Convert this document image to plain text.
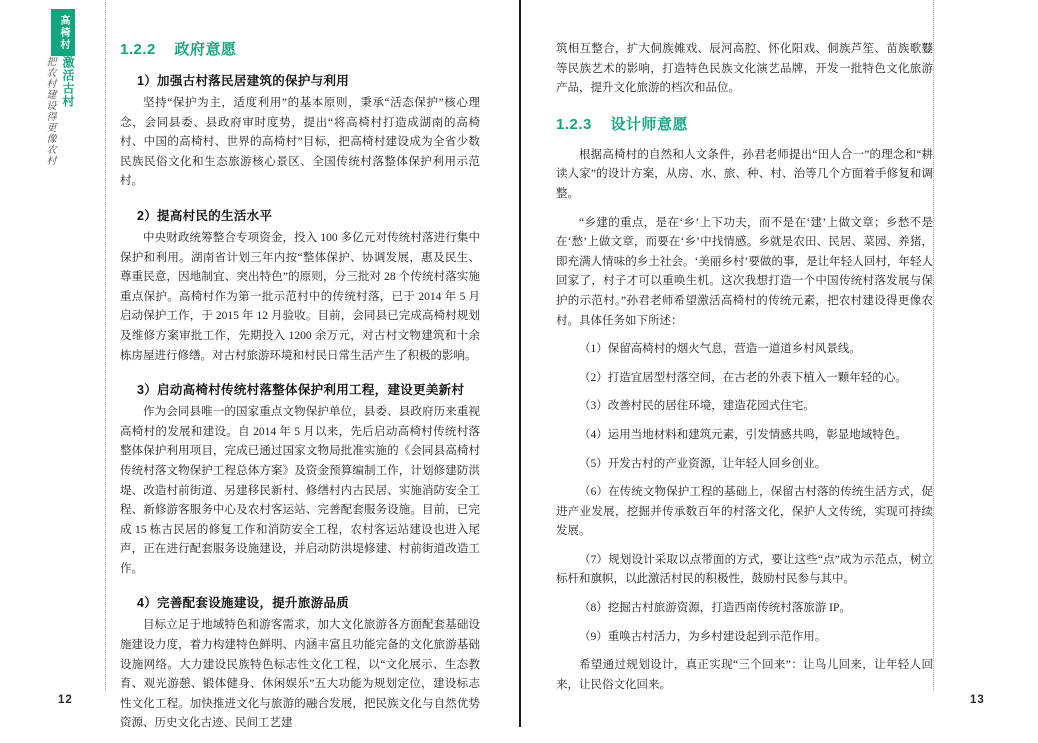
高椅村
激活古村
把农村建设得更像农村
1.2.2 政府意愿
1）加强古村落民居建筑的保护与利用

坚持“保护为主，适度利用”的基本原则，秉承“活态保护”核心理念，会同县委、县政府审时度势，提出“将高椅村打造成湖南的高椅村、中国的高椅村、世界的高椅村”目标，把高椅村建设成为全省少数民族民俗文化和生态旅游核心景区、全国传统村落整体保护利用示范村。

2）提高村民的生活水平

中央财政统筹整合专项资金，投入 100 多亿元对传统村落进行集中保护和利用。湖南省计划三年内按“整体保护、协调发展，惠及民生、尊重民意，因地制宜、突出特色”的原则，分三批对 28 个传统村落实施重点保护。高椅村作为第一批示范村中的传统村落，已于 2014 年 5 月启动保护工作，于 2015 年 12 月验收。目前，会同县已完成高椅村规划及维修方案审批工作，先期投入 1200 余万元，对古村文物建筑和十余栋房屋进行修缮。对古村旅游环境和村民日常生活产生了积极的影响。

3）启动高椅村传统村落整体保护利用工程，建设更美新村

作为会同县唯一的国家重点文物保护单位，县委、县政府历来重视高椅村的发展和建设。自 2014 年 5 月以来，先后启动高椅村传统村落整体保护利用项目，完成已通过国家文物局批准实施的《会同县高椅村传统村落文物保护工程总体方案》及资金预算编制工作，计划修建防洪堤、改造村前街道、另建移民新村、修缮村内古民居、实施消防安全工程、新修游客服务中心及农村客运站、完善配套服务设施。目前，已完成 15 栋古民居的修复工作和消防安全工程，农村客运站建设也进入尾声，正在进行配套服务设施建设，并启动防洪堤修建、村前街道改造工作。

4）完善配套设施建设，提升旅游品质

目标立足于地域特色和游客需求，加大文化旅游各方面配套基础设施建设力度，着力构建特色鲜明、内涵丰富且功能完备的文化旅游基础设施网络。大力建设民族特色标志性文化工程，以“文化展示、生态教育、观光游憩、锻体健身、休闲娱乐”五大功能为规划定位，建设标志性文化工程。加快推进文化与旅游的融合发展，把民族文化与自然优势资源、历史文化古迹、民间工艺建

12

筑相互整合，扩大侗族傩戏、辰河高腔、怀化阳戏、侗族芦笙、苗族歌鼟等民族艺术的影响，打造特色民族文化演艺品牌，开发一批特色文化旅游产品，提升文化旅游的档次和品位。

1.2.3 设计师意愿

根据高椅村的自然和人文条件，孙君老师提出“田人合一”的理念和“耕读人家”的设计方案，从房、水、旅、种、村、治等几个方面着手修复和调整。

“乡建的重点，是在‘乡’上下功夫，而不是在‘建’上做文章；乡愁不是在‘愁’上做文章，而要在‘乡’中找情感。乡就是农田、民居、菜园、养猪，即充满人情味的乡土社会。‘美丽乡村’要做的事，是让年轻人回村，年轻人回家了，村子才可以重唤生机。这次我想打造一个中国传统村落发展与保护的示范村。”孙君老师希望激活高椅村的传统元素，把农村建设得更像农村。具体任务如下所述：

（1）保留高椅村的烟火气息，营造一道道乡村风景线。

（2）打造宜居型村落空间，在古老的外表下植入一颗年轻的心。

（3）改善村民的居住环境，建造花园式住宅。

（4）运用当地材料和建筑元素，引发情感共鸣，彰显地域特色。

（5）开发古村的产业资源，让年轻人回乡创业。

（6）在传统文物保护工程的基础上，保留古村落的传统生活方式，促进产业发展，挖掘并传承数百年的村落文化，保护人文传统，实现可持续发展。

（7）规划设计采取以点带面的方式，要让这些“点”成为示范点，树立标杆和旗帜，以此激活村民的积极性，鼓励村民参与其中。

（8）挖掘古村旅游资源，打造西南传统村落旅游 IP。

（9）重唤古村活力，为乡村建设起到示范作用。

希望通过规划设计，真正实现“三个回来”：让鸟儿回来，让年轻人回来，让民俗文化回来。

13
